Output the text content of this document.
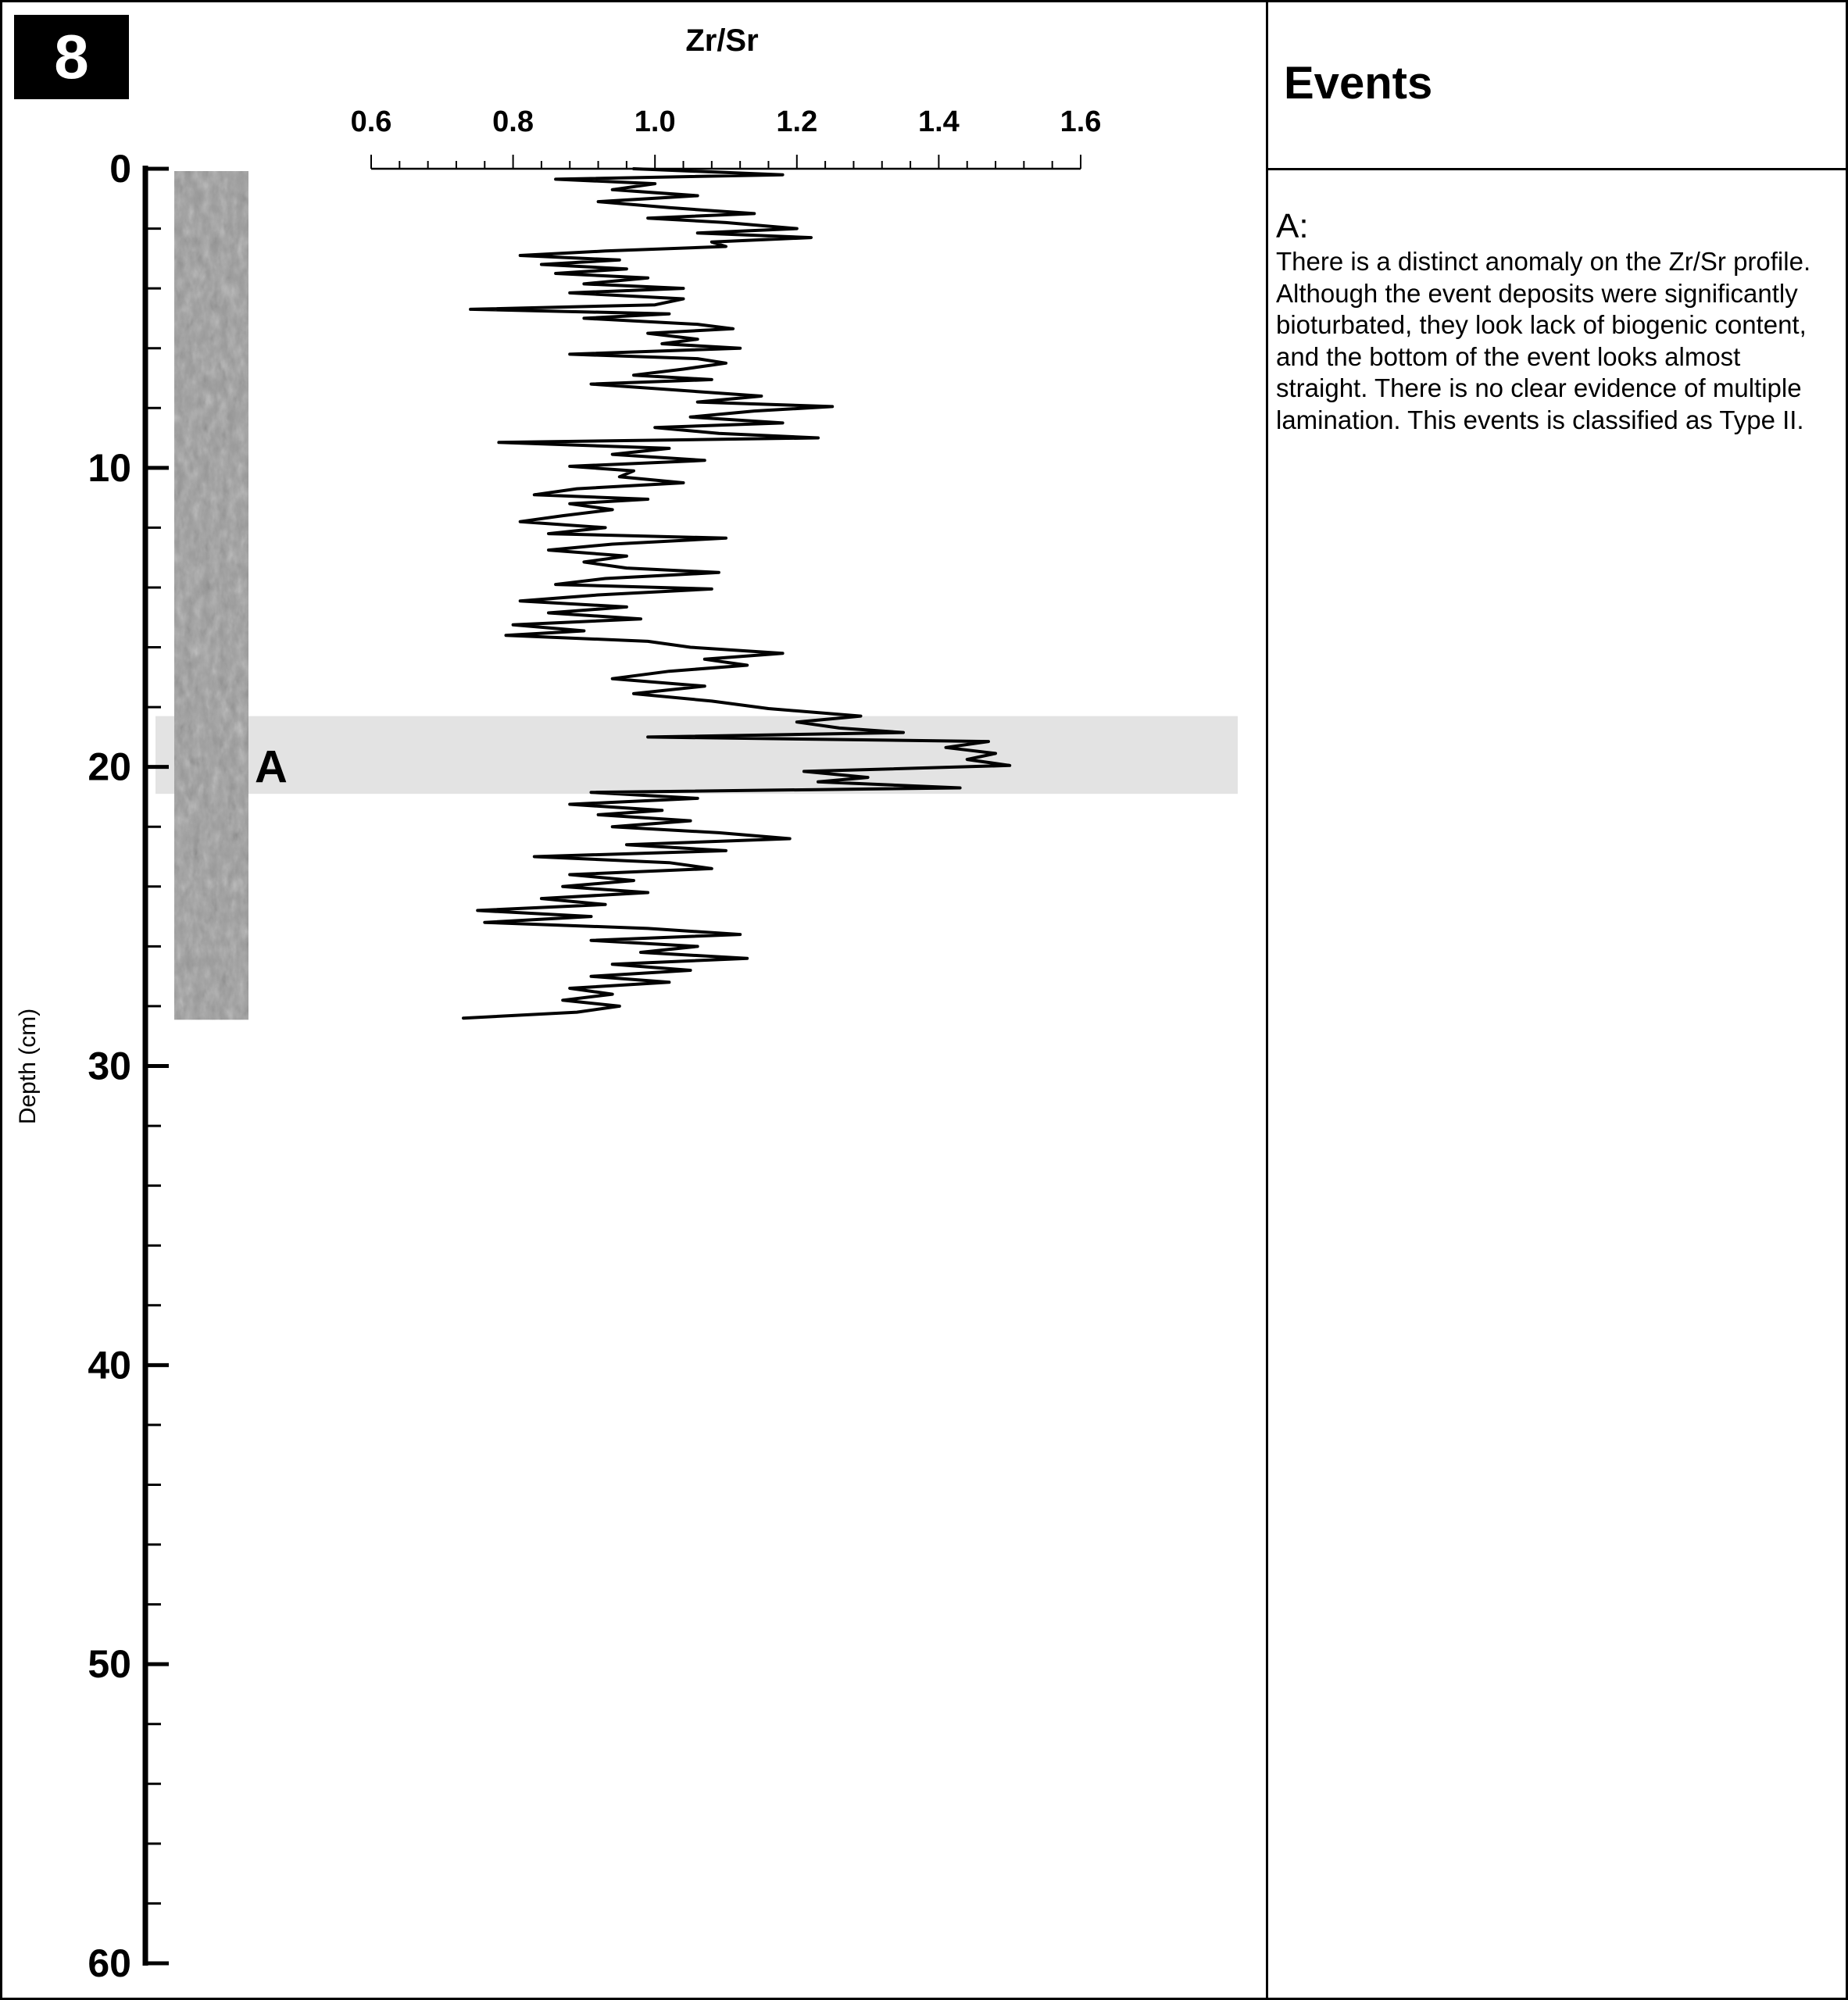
Zr/Sr
0.6	0.8	1.0	1.2	1.4	1.6
0
10
20
30
40
50
60
Depth (cm)
A
8	Events
A:
There is a distinct anomaly on the Zr/Sr profile. Although the event deposits were significantly bioturbated, they look lack of biogenic content, and the bottom of the event looks almost straight. There is no clear evidence of multiple lamination. This events is classified as Type II.
